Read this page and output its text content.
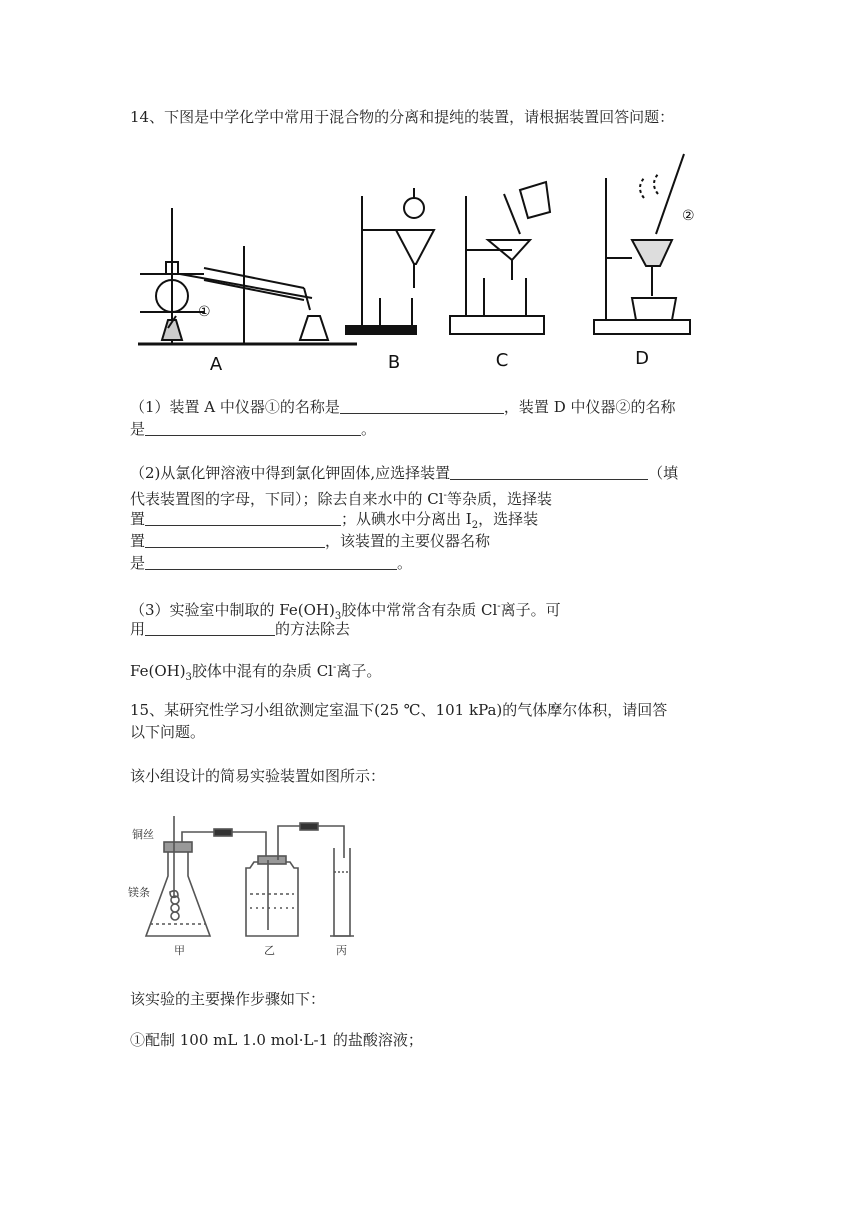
14、下图是中学化学中常用于混合物的分离和提纯的装置，请根据装置回答问题：
A
①
B	C	D
②
（1）装置 A 中仪器①的名称是	，装置 D 中仪器②的名称
是	。
（2)从氯化钾溶液中得到氯化钾固体,应选择装置	（填
代表装置图的字母，下同）；除去自来水中的 Cl-等杂质，选择装
置	；从碘水中分离出 $I_2$，选择装
置	，该装置的主要仪器名称
是	。
（3）实验室中制取的 $Fe(OH)_3$胶体中常常含有杂质 Cl-离子。可
用	的方法除去
$Fe(OH)_3$胶体中混有的杂质 Cl-离子。
15、某研究性学习小组欲测定室温下(25 ℃、101 kPa)的气体摩尔体积，请回答
以下问题。
该小组设计的简易实验装置如图所示：
铜丝
镁条
甲	乙	丙
该实验的主要操作步骤如下：
①配制 100 mL 1.0 mol·L-1 的盐酸溶液；
